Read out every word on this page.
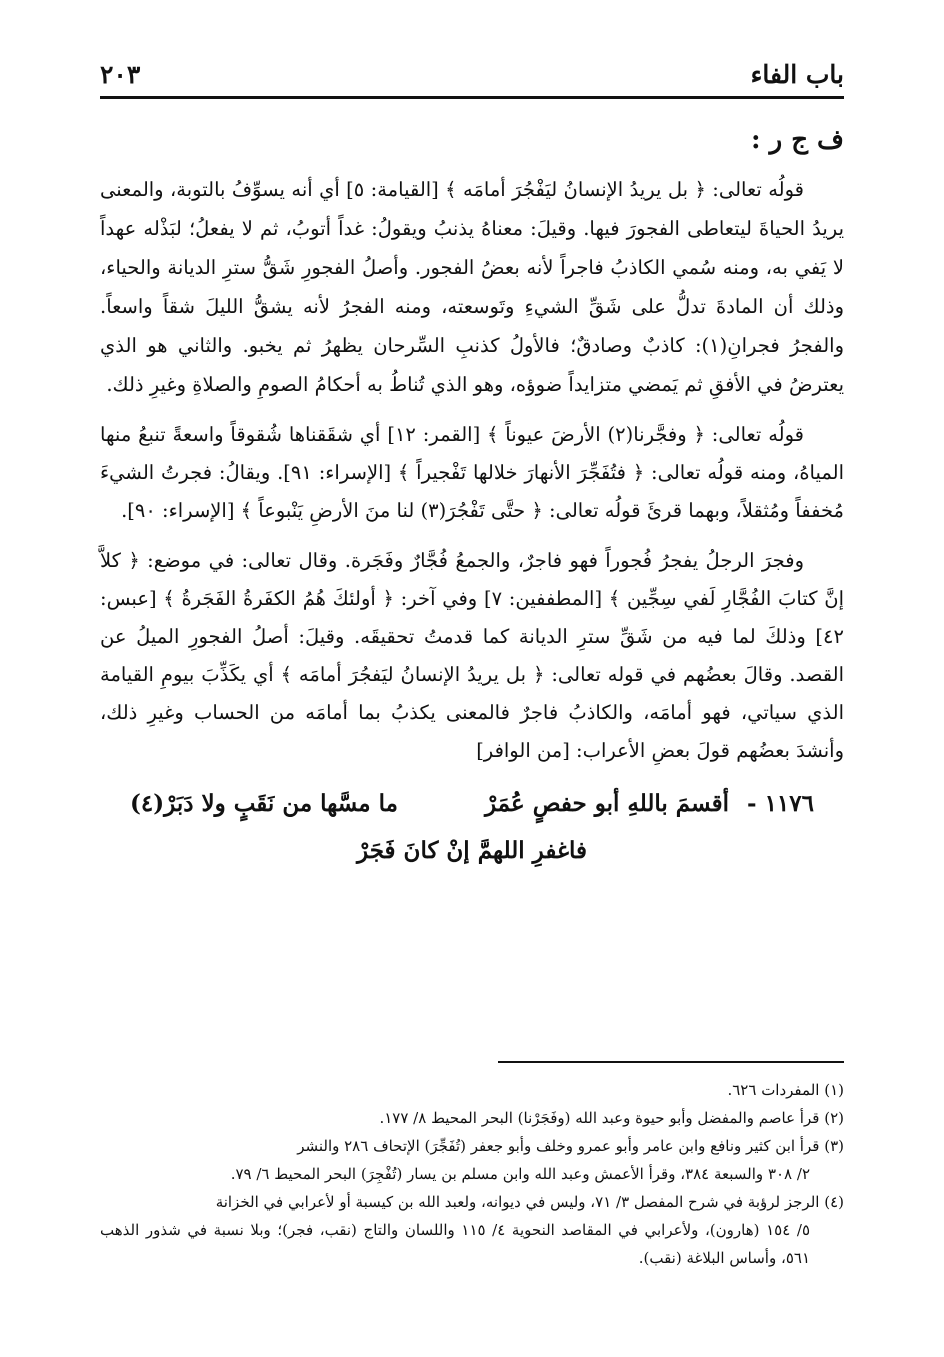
٢٠٣	باب الفاء
ف ج ر :

قولُه تعالى: ﴿ بل يريدُ الإنسانُ ليَفْجُرَ أمامَه ﴾ [القيامة: ٥] أي أنه يسوِّفُ بالتوبة، والمعنى يريدُ الحياةَ ليتعاطى الفجورَ فيها. وقيلَ: معناهُ يذنبُ ويقولُ: غداً أتوبُ، ثم لا يفعلُ؛ لبَذْله عهداً لا يَفي به، ومنه سُمي الكاذبُ فاجراً لأنه بعضُ الفجور. وأصلُ الفجورِ شَقُّ سترِ الديانة والحياء، وذلك أن المادةَ تدلُّ على شَقِّ الشيءِ وتَوسعته، ومنه الفجرُ لأنه يشقُّ الليلَ شقاً واسعاً. والفجرُ فجرانِ(١): كاذبٌ وصادقٌ؛ فالأولُ كذنبِ السِّرحان يظهرُ ثم يخبو. والثاني هو الذي يعترضُ في الأفقِ ثم يَمضي متزايداً ضوؤه، وهو الذي تُناطُ به أحكامُ الصومِ والصلاةِ وغيرِ ذلك.

قولُه تعالى: ﴿ وفجَّرنا(٢) الأرضَ عيوناً ﴾ [القمر: ١٢] أي شقَقناها شُقوقاً واسعةً تنبعُ منها المياهُ، ومنه قولُه تعالى: ﴿ فتُفَجِّرَ الأنهارَ خلالها تَفْجيراً ﴾ [الإسراء: ٩١]. ويقالُ: فجرتُ الشيءَ مُخففاً ومُثقلاً، وبهما قرئَ قولُه تعالى: ﴿ حتَّى تَفْجُرَ(٣) لنا منَ الأرضِ يَنْبوعاً ﴾ [الإسراء: ٩٠].

وفجرَ الرجلُ يفجرُ فُجوراً فهو فاجرٌ، والجمعُ فُجَّارٌ وفَجَرة. وقال تعالى: في موضع: ﴿ كلاَّ إنَّ كتابَ الفُجَّارِ لَفي سِجِّين ﴾ [المطففين: ٧] وفي آخر: ﴿ أولئكَ هُمُ الكفَرةُ الفَجَرةُ ﴾ [عبس: ٤٢] وذلكَ لما فيه من شَقِّ سترِ الديانة كما قدمتُ تحقيقَه. وقيلَ: أصلُ الفجورِ الميلُ عن القصد. وقالَ بعضُهم في قوله تعالى: ﴿ بل يريدُ الإنسانُ ليَفجُرَ أمامَه ﴾ أي يكَذِّبَ بيومِ القيامة الذي سياتي، فهو أمامَه، والكاذبُ فاجرٌ فالمعنى يكذبُ بما أمامَه من الحساب وغيرِ ذلك، وأنشدَ بعضُهم قولَ بعضِ الأعراب: [من الوافر]

١١٧٦ - أقسمَ باللهِ أبو حفصٍ عُمَرْ
ما مسَّها من نَقَبٍ ولا دَبَرْ(٤)
فاغفرِ اللهمَّ إنْ كانَ فَجَرْ

(١) المفردات ٦٢٦.

(٢) قرأ عاصم والمفضل وأبو حيوة وعبد الله (وفَجَرْنا) البحر المحيط ٨/ ١٧٧.

(٣) قرأ ابن كثير ونافع وابن عامر وأبو عمرو وخلف وأبو جعفر (تُفَجِّرَ) الإتحاف ٢٨٦ والنشر

٢/ ٣٠٨ والسبعة ٣٨٤، وقرأ الأعمش وعبد الله وابن مسلم بن يسار (تُفْجِرَ) البحر المحيط ٦/ ٧٩.

(٤) الرجز لرؤبة في شرح المفصل ٣/ ٧١، وليس في ديوانه، ولعبد الله بن كيسبة أو لأعرابي في الخزانة

٥/ ١٥٤ (هارون)، ولأعرابي في المقاصد النحوية ٤/ ١١٥ واللسان والتاج (نقب، فجر)؛ وبلا نسبة في شذور الذهب ٥٦١، وأساس البلاغة (نقب).
